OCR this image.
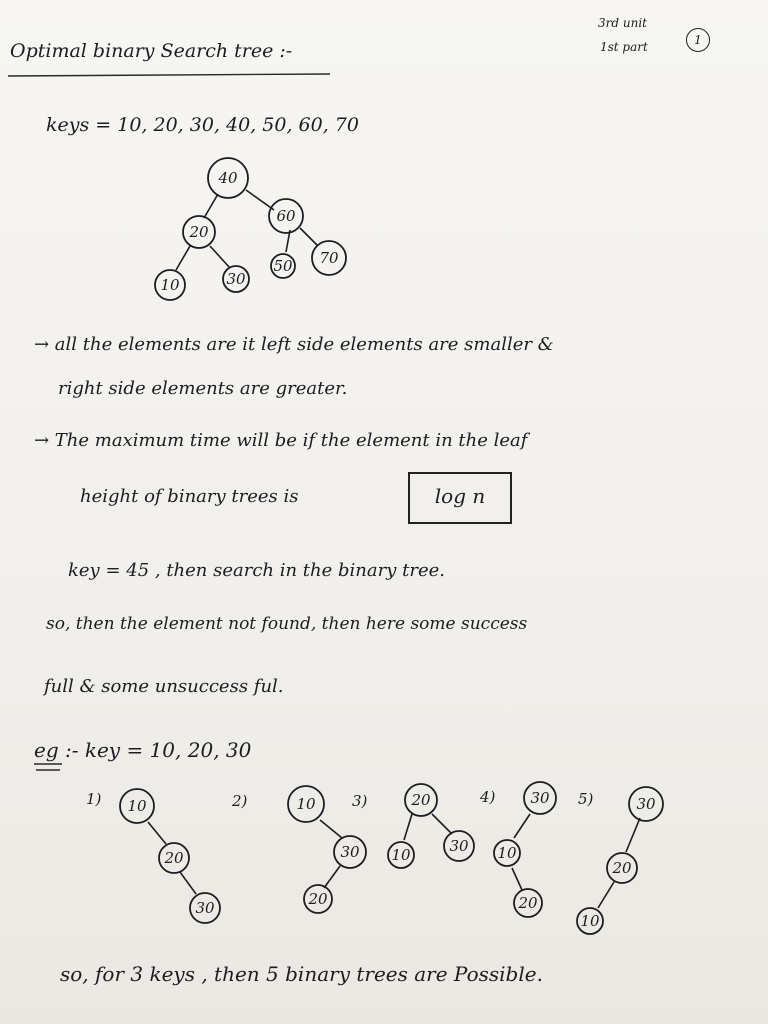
3rd unit
1st part	1
Optimal binary Search tree :-
keys = 10, 20, 30, 40, 50, 60, 70
→ all the elements are it left side elements are smaller &
right side elements are greater.
→ The maximum time will be if the element in the leaf
height of binary trees is	log n
key = 45 , then search in the binary tree.
so, then the element not found, then here some success
full & some unsuccess ful.
eg :- key = 10, 20, 30
1)	2)	3)	4)	5)
so, for 3 keys , then 5 binary trees are Possible.
40
20
60
10	30
50 70
10
20
30
10
30
20
20
10	30
30
10
20
30
20
10
